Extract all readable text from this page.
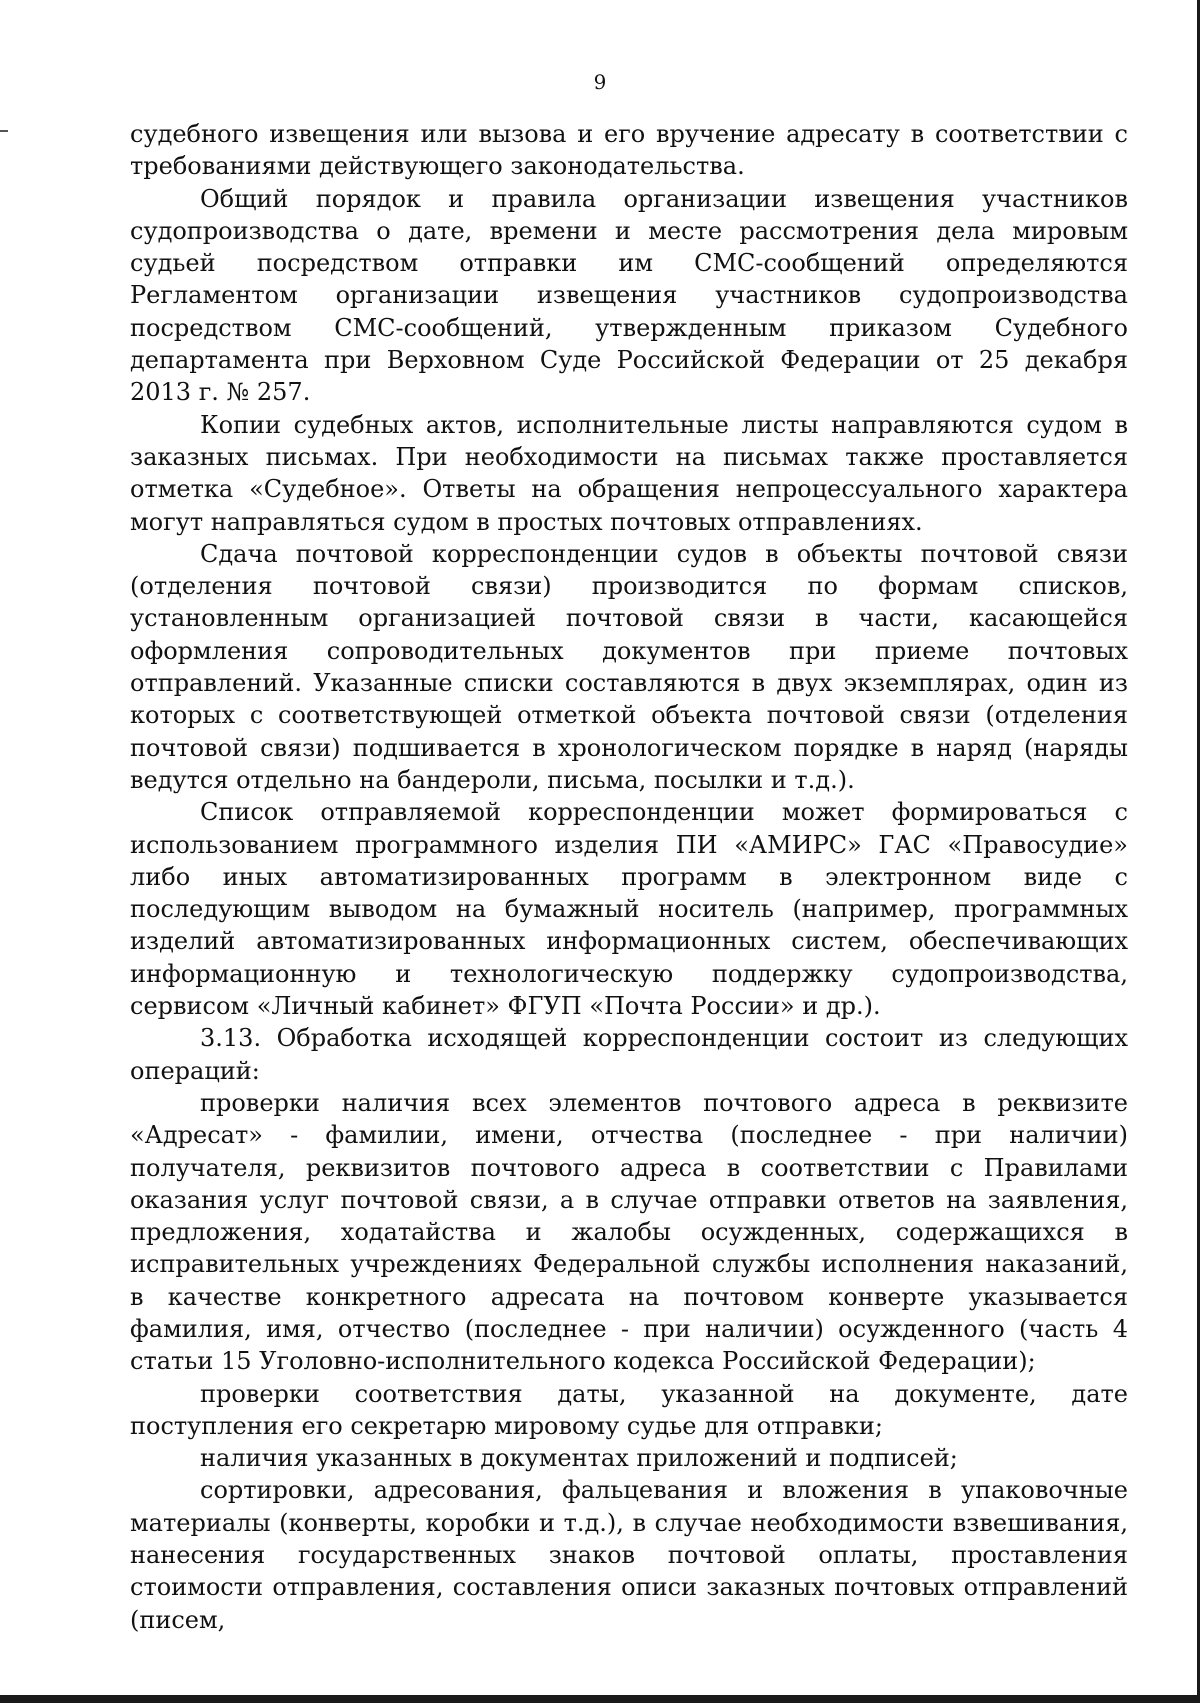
9

судебного извещения или вызова и его вручение адресату в соответствии с требованиями действующего законодательства.

Общий порядок и правила организации извещения участников судопроизводства о дате, времени и месте рассмотрения дела мировым судьей посредством отправки им СМС-сообщений определяются Регламентом организации извещения участников судопроизводства посредством СМС-сообщений, утвержденным приказом Судебного департамента при Верховном Суде Российской Федерации от 25 декабря 2013 г. № 257.

Копии судебных актов, исполнительные листы направляются судом в заказных письмах. При необходимости на письмах также проставляется отметка «Судебное». Ответы на обращения непроцессуального характера могут направляться судом в простых почтовых отправлениях.

Сдача почтовой корреспонденции судов в объекты почтовой связи (отделения почтовой связи) производится по формам списков, установленным организацией почтовой связи в части, касающейся оформления сопроводительных документов при приеме почтовых отправлений. Указанные списки составляются в двух экземплярах, один из которых с соответствующей отметкой объекта почтовой связи (отделения почтовой связи) подшивается в хронологическом порядке в наряд (наряды ведутся отдельно на бандероли, письма, посылки и т.д.).

Список отправляемой корреспонденции может формироваться с использованием программного изделия ПИ «АМИРС» ГАС «Правосудие» либо иных автоматизированных программ в электронном виде с последующим выводом на бумажный носитель (например, программных изделий автоматизированных информационных систем, обеспечивающих информационную и технологическую поддержку судопроизводства, сервисом «Личный кабинет» ФГУП «Почта России» и др.).

3.13. Обработка исходящей корреспонденции состоит из следующих операций:

проверки наличия всех элементов почтового адреса в реквизите «Адресат» - фамилии, имени, отчества (последнее - при наличии) получателя, реквизитов почтового адреса в соответствии с Правилами оказания услуг почтовой связи, а в случае отправки ответов на заявления, предложения, ходатайства и жалобы осужденных, содержащихся в исправительных учреждениях Федеральной службы исполнения наказаний, в качестве конкретного адресата на почтовом конверте указывается фамилия, имя, отчество (последнее - при наличии) осужденного (часть 4 статьи 15 Уголовно-исполнительного кодекса Российской Федерации);

проверки соответствия даты, указанной на документе, дате поступления его секретарю мировому судье для отправки;

наличия указанных в документах приложений и подписей;

сортировки, адресования, фальцевания и вложения в упаковочные материалы (конверты, коробки и т.д.), в случае необходимости взвешивания, нанесения государственных знаков почтовой оплаты, проставления стоимости отправления, составления описи заказных почтовых отправлений (писем,
